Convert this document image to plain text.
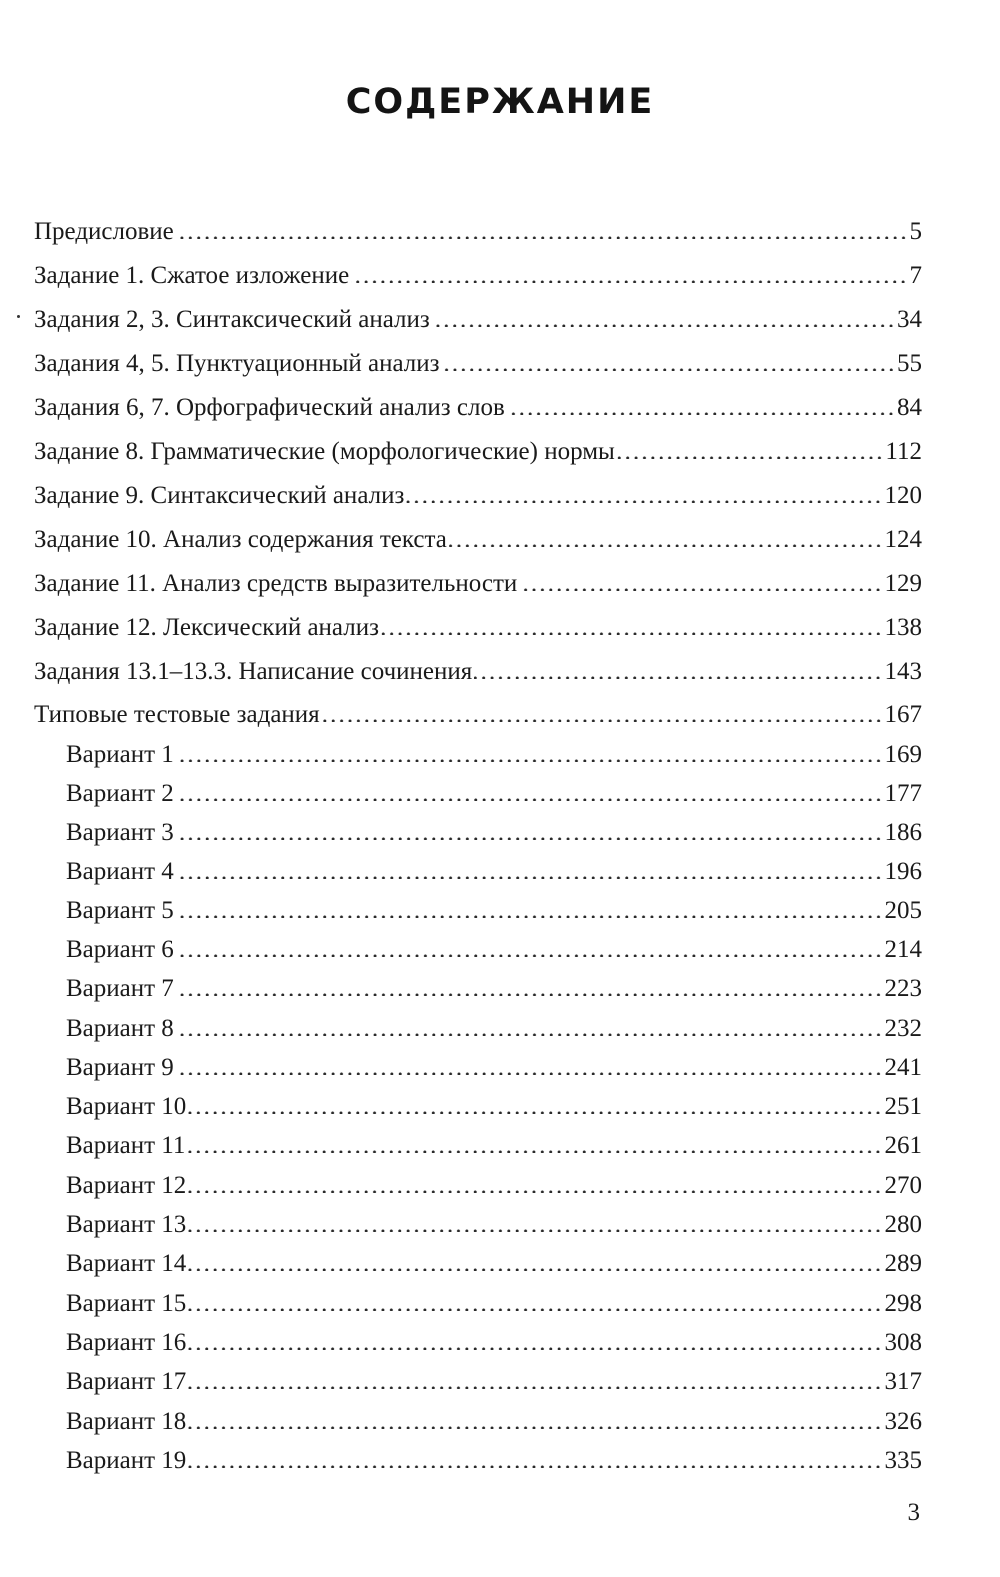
СОДЕРЖАНИЕ
Предисловие	5
Задание 1. Сжатое изложение	7
Задания 2, 3. Синтаксический анализ	34
Задания 4, 5. Пунктуационный анализ	55
Задания 6, 7. Орфографический анализ слов	84
Задание 8. Грамматические (морфологические) нормы	112
Задание 9. Синтаксический анализ	120
Задание 10. Анализ содержания текста	124
Задание 11. Анализ средств выразительности	129
Задание 12. Лексический анализ	138
Задания 13.1–13.3. Написание сочинения	143
Типовые тестовые задания	167
Вариант 1	169
Вариант 2	177
Вариант 3	186
Вариант 4	196
Вариант 5	205
Вариант 6	214
Вариант 7	223
Вариант 8	232
Вариант 9	241
Вариант 10	251
Вариант 11	261
Вариант 12	270
Вариант 13	280
Вариант 14	289
Вариант 15	298
Вариант 16	308
Вариант 17	317
Вариант 18	326
Вариант 19	335
3
